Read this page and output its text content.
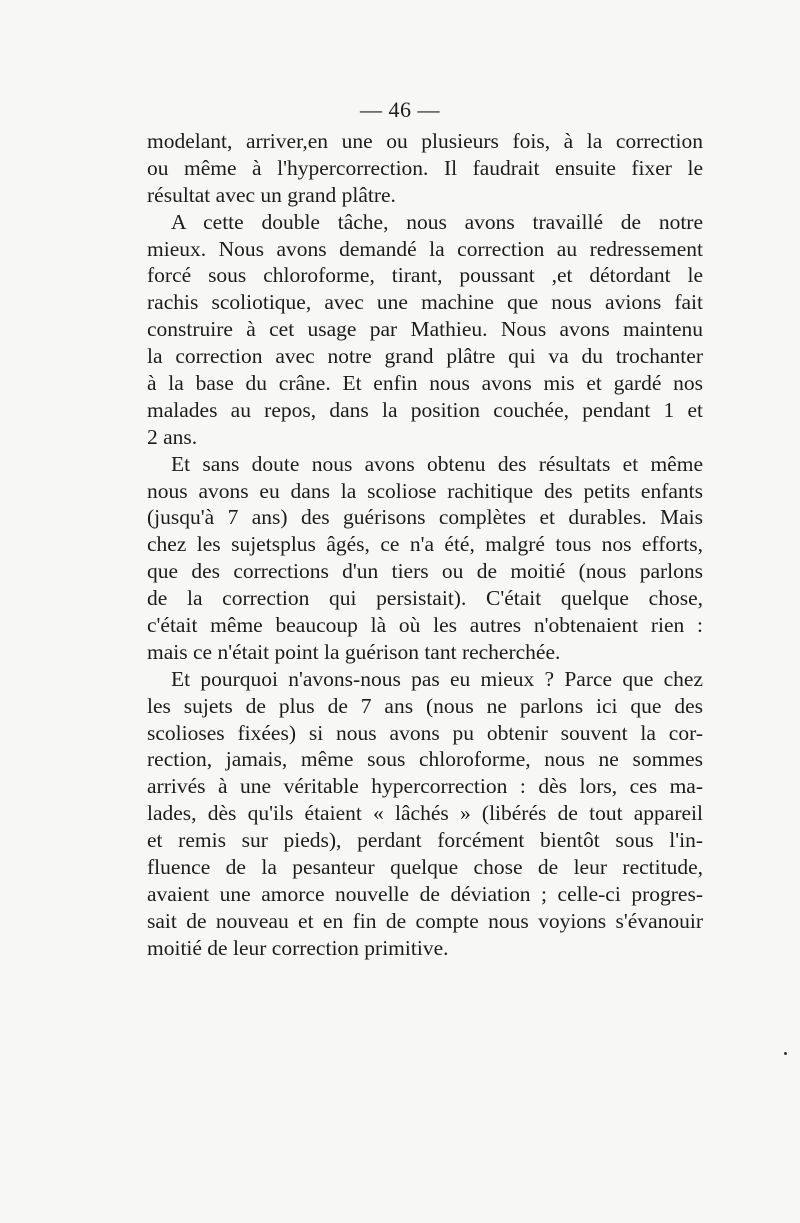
— 46 —
modelant, arriver,en une ou plusieurs fois, à la correction
ou même à l'hypercorrection. Il faudrait ensuite fixer le
résultat avec un grand plâtre.
A cette double tâche, nous avons travaillé de notre
mieux. Nous avons demandé la correction au redressement
forcé sous chloroforme, tirant, poussant ,et détordant le
rachis scoliotique, avec une machine que nous avions fait
construire à cet usage par Mathieu. Nous avons maintenu
la correction avec notre grand plâtre qui va du trochanter
à la base du crâne. Et enfin nous avons mis et gardé nos
malades au repos, dans la position couchée, pendant 1 et
2 ans.
Et sans doute nous avons obtenu des résultats et même
nous avons eu dans la scoliose rachitique des petits enfants
(jusqu'à 7 ans) des guérisons complètes et durables. Mais
chez les sujetsplus âgés, ce n'a été, malgré tous nos efforts,
que des corrections d'un tiers ou de moitié (nous parlons
de la correction qui persistait). C'était quelque chose,
c'était même beaucoup là où les autres n'obtenaient rien :
mais ce n'était point la guérison tant recherchée.
Et pourquoi n'avons-nous pas eu mieux ? Parce que chez
les sujets de plus de 7 ans (nous ne parlons ici que des
scolioses fixées) si nous avons pu obtenir souvent la cor-
rection, jamais, même sous chloroforme, nous ne sommes
arrivés à une véritable hypercorrection : dès lors, ces ma-
lades, dès qu'ils étaient « lâchés » (libérés de tout appareil
et remis sur pieds), perdant forcément bientôt sous l'in-
fluence de la pesanteur quelque chose de leur rectitude,
avaient une amorce nouvelle de déviation ; celle-ci progres-
sait de nouveau et en fin de compte nous voyions s'évanouir
moitié de leur correction primitive.
